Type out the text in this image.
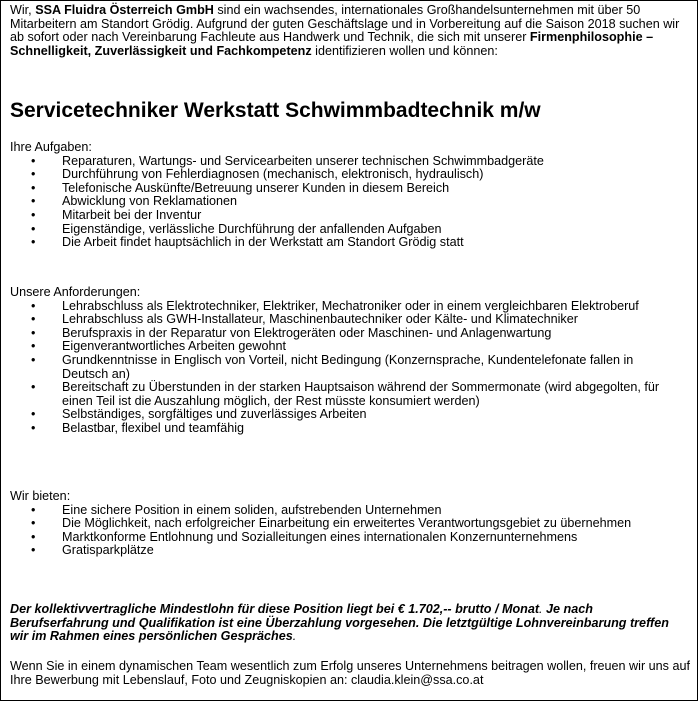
Wir, SSA Fluidra Österreich GmbH sind ein wachsendes, internationales Großhandelsunternehmen mit über 50 Mitarbeitern am Standort Grödig. Aufgrund der guten Geschäftslage und in Vorbereitung auf die Saison 2018 suchen wir ab sofort oder nach Vereinbarung Fachleute aus Handwerk und Technik, die sich mit unserer Firmenphilosophie – Schnelligkeit, Zuverlässigkeit und Fachkompetenz identifizieren wollen und können:
Servicetechniker Werkstatt Schwimmbadtechnik m/w
Ihre Aufgaben:
• Reparaturen, Wartungs- und Servicearbeiten unserer technischen Schwimmbadgeräte
• Durchführung von Fehlerdiagnosen (mechanisch, elektronisch, hydraulisch)
• Telefonische Auskünfte/Betreuung unserer Kunden in diesem Bereich
• Abwicklung von Reklamationen
• Mitarbeit bei der Inventur
• Eigenständige, verlässliche Durchführung der anfallenden Aufgaben
• Die Arbeit findet hauptsächlich in der Werkstatt am Standort Grödig statt
Unsere Anforderungen:
• Lehrabschluss als Elektrotechniker, Elektriker, Mechatroniker oder in einem vergleichbaren Elektroberuf
• Lehrabschluss als GWH-Installateur, Maschinenbautechniker oder Kälte- und Klimatechniker
• Berufspraxis in der Reparatur von Elektrogeräten oder Maschinen- und Anlagenwartung
• Eigenverantwortliches Arbeiten gewohnt
• Grundkenntnisse in Englisch von Vorteil, nicht Bedingung (Konzernsprache, Kundentelefonate fallen in Deutsch an)
• Bereitschaft zu Überstunden in der starken Hauptsaison während der Sommermonate (wird abgegolten, für einen Teil ist die Auszahlung möglich, der Rest müsste konsumiert werden)
• Selbständiges, sorgfältiges und zuverlässiges Arbeiten
• Belastbar, flexibel und teamfähig
Wir bieten:
• Eine sichere Position in einem soliden, aufstrebenden Unternehmen
• Die Möglichkeit, nach erfolgreicher Einarbeitung ein erweitertes Verantwortungsgebiet zu übernehmen
• Marktkonforme Entlohnung und Sozialleitungen eines internationalen Konzernunternehmens
• Gratisparkplätze
Der kollektivvertragliche Mindestlohn für diese Position liegt bei € 1.702,-- brutto / Monat. Je nach Berufserfahrung und Qualifikation ist eine Überzahlung vorgesehen. Die letztgültige Lohnvereinbarung treffen wir im Rahmen eines persönlichen Gespräches.
Wenn Sie in einem dynamischen Team wesentlich zum Erfolg unseres Unternehmens beitragen wollen, freuen wir uns auf Ihre Bewerbung mit Lebenslauf, Foto und Zeugniskopien an: claudia.klein@ssa.co.at
